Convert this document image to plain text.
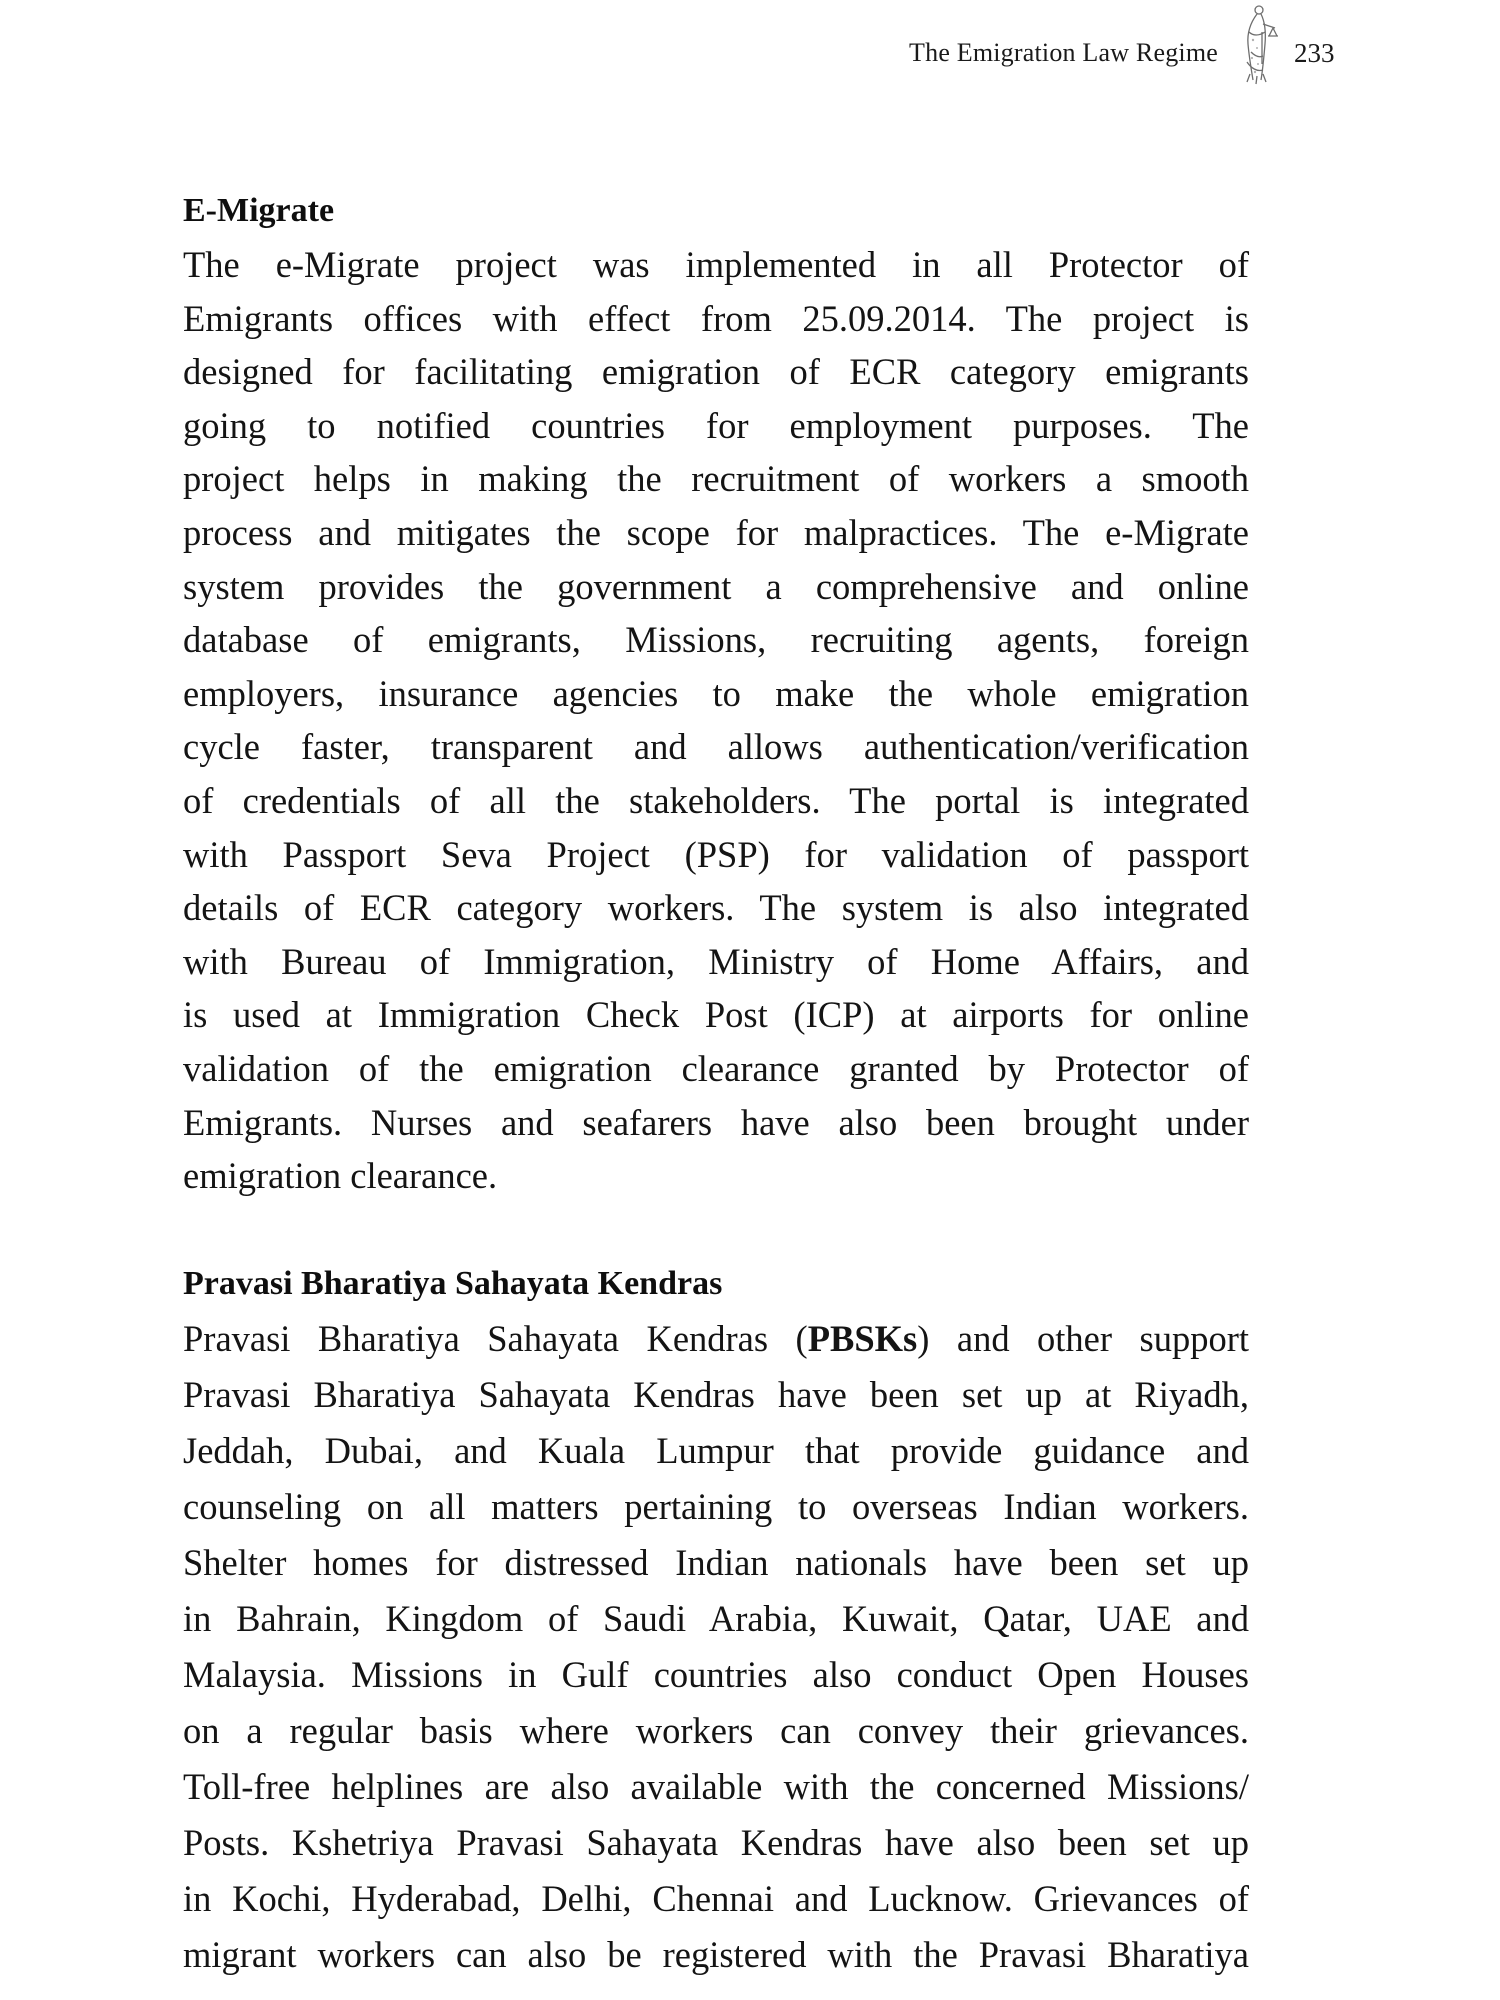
The Emigration Law Regime	233
E-Migrate

The e-Migrate project was implemented in all Protector of
Emigrants offices with effect from 25.09.2014. The project is
designed for facilitating emigration of ECR category emigrants
going to notified countries for employment purposes. The
project helps in making the recruitment of workers a smooth
process and mitigates the scope for malpractices. The e-Migrate
system provides the government a comprehensive and online
database of emigrants, Missions, recruiting agents, foreign
employers, insurance agencies to make the whole emigration
cycle faster, transparent and allows authentication/verification
of credentials of all the stakeholders. The portal is integrated
with Passport Seva Project (PSP) for validation of passport
details of ECR category workers. The system is also integrated
with Bureau of Immigration, Ministry of Home Affairs, and
is used at Immigration Check Post (ICP) at airports for online
validation of the emigration clearance granted by Protector of
Emigrants. Nurses and seafarers have also been brought under
emigration clearance.

Pravasi Bharatiya Sahayata Kendras

Pravasi Bharatiya Sahayata Kendras (PBSKs) and other support
Pravasi Bharatiya Sahayata Kendras have been set up at Riyadh,
Jeddah, Dubai, and Kuala Lumpur that provide guidance and
counseling on all matters pertaining to overseas Indian workers.
Shelter homes for distressed Indian nationals have been set up
in Bahrain, Kingdom of Saudi Arabia, Kuwait, Qatar, UAE and
Malaysia. Missions in Gulf countries also conduct Open Houses
on a regular basis where workers can convey their grievances.
Toll-free helplines are also available with the concerned Missions/
Posts. Kshetriya Pravasi Sahayata Kendras have also been set up
in Kochi, Hyderabad, Delhi, Chennai and Lucknow. Grievances of
migrant workers can also be registered with the Pravasi Bharatiya
